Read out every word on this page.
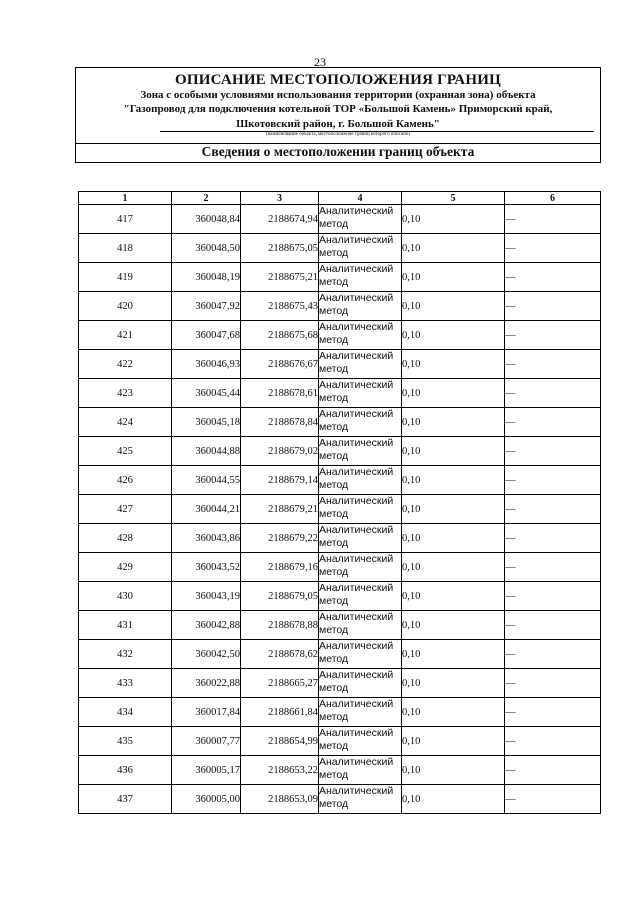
23
ОПИСАНИЕ МЕСТОПОЛОЖЕНИЯ ГРАНИЦ
Зона с особыми условиями использования территории (охранная зона) объекта
"Газопровод для подключения котельной ТОР «Большой Камень» Приморский край,
Шкотовский район, г. Большой Камень"
(наименование объекта, местоположение границ которого описано)
Сведения о местоположении границ объекта
1	2	3	4	5	6
417	360048,84	2188674,94	Аналитический метод	0,10	—
418	360048,50	2188675,05	Аналитический метод	0,10	—
419	360048,19	2188675,21	Аналитический метод	0,10	—
420	360047,92	2188675,43	Аналитический метод	0,10	—
421	360047,68	2188675,68	Аналитический метод	0,10	—
422	360046,93	2188676,67	Аналитический метод	0,10	—
423	360045,44	2188678,61	Аналитический метод	0,10	—
424	360045,18	2188678,84	Аналитический метод	0,10	—
425	360044,88	2188679,02	Аналитический метод	0,10	—
426	360044,55	2188679,14	Аналитический метод	0,10	—
427	360044,21	2188679,21	Аналитический метод	0,10	—
428	360043,86	2188679,22	Аналитический метод	0,10	—
429	360043,52	2188679,16	Аналитический метод	0,10	—
430	360043,19	2188679,05	Аналитический метод	0,10	—
431	360042,88	2188678,88	Аналитический метод	0,10	—
432	360042,50	2188678,62	Аналитический метод	0,10	—
433	360022,88	2188665,27	Аналитический метод	0,10	—
434	360017,84	2188661,84	Аналитический метод	0,10	—
435	360007,77	2188654,99	Аналитический метод	0,10	—
436	360005,17	2188653,22	Аналитический метод	0,10	—
437	360005,00	2188653,09	Аналитический метод	0,10	—
